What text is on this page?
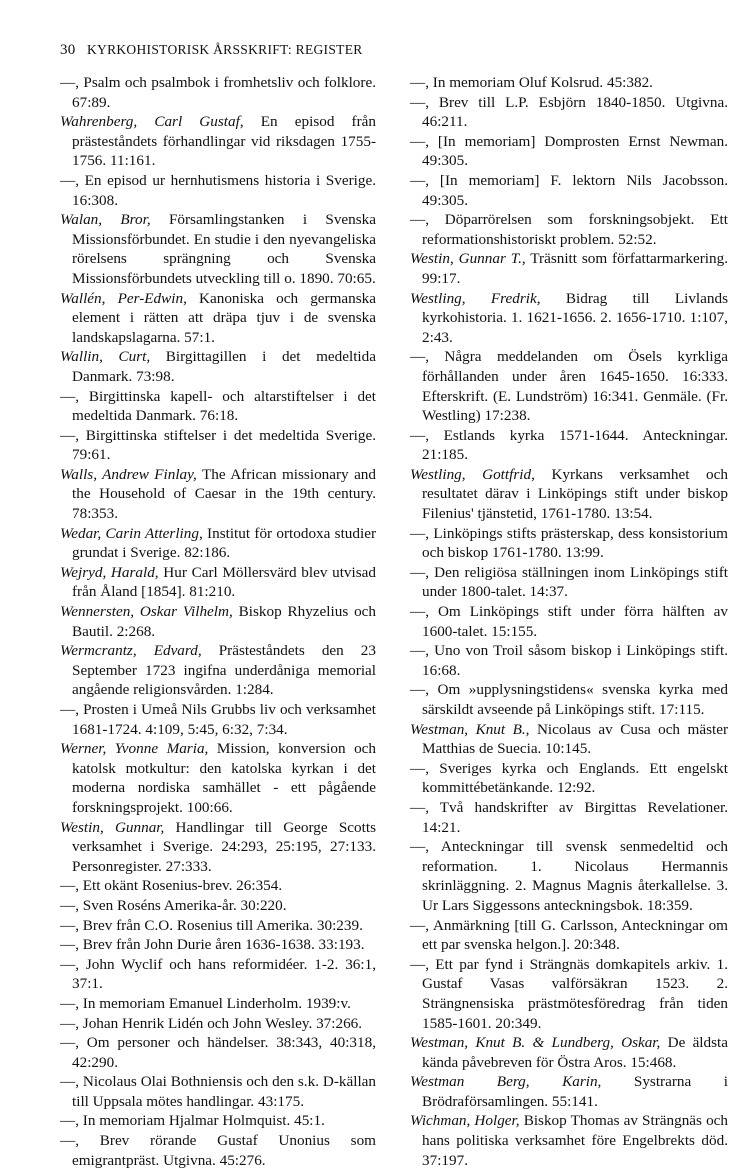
30 KYRKOHISTORISK ÅRSSKRIFT: REGISTER

—, Psalm och psalmbok i fromhetsliv och folklore. 67:89.

Wahrenberg, Carl Gustaf, En episod från prästeståndets förhandlingar vid riksdagen 1755-1756. 11:161.

—, En episod ur hernhutismens historia i Sverige. 16:308.

Walan, Bror, Församlingstanken i Svenska Missionsförbundet. En studie i den nyevangeliska rörelsens sprängning och Svenska Missionsförbundets utveckling till o. 1890. 70:65.

Wallén, Per-Edwin, Kanoniska och germanska element i rätten att dräpa tjuv i de svenska landskapslagarna. 57:1.

Wallin, Curt, Birgittagillen i det medeltida Danmark. 73:98.

—, Birgittinska kapell- och altarstiftelser i det medeltida Danmark. 76:18.

—, Birgittinska stiftelser i det medeltida Sverige. 79:61.

Walls, Andrew Finlay, The African missionary and the Household of Caesar in the 19th century. 78:353.

Wedar, Carin Atterling, Institut för ortodoxa studier grundat i Sverige. 82:186.

Wejryd, Harald, Hur Carl Möllersvärd blev utvisad från Åland [1854]. 81:210.

Wennersten, Oskar Vilhelm, Biskop Rhyzelius och Bautil. 2:268.

Wermcrantz, Edvard, Prästeståndets den 23 September 1723 ingifna underdåniga memorial angående religionsvården. 1:284.

—, Prosten i Umeå Nils Grubbs liv och verksamhet 1681-1724. 4:109, 5:45, 6:32, 7:34.

Werner, Yvonne Maria, Mission, konversion och katolsk motkultur: den katolska kyrkan i det moderna nordiska samhället - ett pågående forskningsprojekt. 100:66.

Westin, Gunnar, Handlingar till George Scotts verksamhet i Sverige. 24:293, 25:195, 27:133. Personregister. 27:333.

—, Ett okänt Rosenius-brev. 26:354.

—, Sven Roséns Amerika-år. 30:220.

—, Brev från C.O. Rosenius till Amerika. 30:239.

—, Brev från John Durie åren 1636-1638. 33:193.

—, John Wyclif och hans reformidéer. 1-2. 36:1, 37:1.

—, In memoriam Emanuel Linderholm. 1939:v.

—, Johan Henrik Lidén och John Wesley. 37:266.

—, Om personer och händelser. 38:343, 40:318, 42:290.

—, Nicolaus Olai Bothniensis och den s.k. D-källan till Uppsala mötes handlingar. 43:175.

—, In memoriam Hjalmar Holmquist. 45:1.

—, Brev rörande Gustaf Unonius som emigrantpräst. Utgivna. 45:276.

—, In memoriam Oluf Kolsrud. 45:382.

—, Brev till L.P. Esbjörn 1840-1850. Utgivna. 46:211.

—, [In memoriam] Domprosten Ernst Newman. 49:305.

—, [In memoriam] F. lektorn Nils Jacobsson. 49:305.

—, Döparrörelsen som forskningsobjekt. Ett reformationshistoriskt problem. 52:52.

Westin, Gunnar T., Träsnitt som författarmarkering. 99:17.

Westling, Fredrik, Bidrag till Livlands kyrkohistoria. 1. 1621-1656. 2. 1656-1710. 1:107, 2:43.

—, Några meddelanden om Ösels kyrkliga förhållanden under åren 1645-1650. 16:333. Efterskrift. (E. Lundström) 16:341. Genmäle. (Fr. Westling) 17:238.

—, Estlands kyrka 1571-1644. Anteckningar. 21:185.

Westling, Gottfrid, Kyrkans verksamhet och resultatet därav i Linköpings stift under biskop Filenius' tjänstetid, 1761-1780. 13:54.

—, Linköpings stifts prästerskap, dess konsistorium och biskop 1761-1780. 13:99.

—, Den religiösa ställningen inom Linköpings stift under 1800-talet. 14:37.

—, Om Linköpings stift under förra hälften av 1600-talet. 15:155.

—, Uno von Troil såsom biskop i Linköpings stift. 16:68.

—, Om »upplysningstidens« svenska kyrka med särskildt avseende på Linköpings stift. 17:115.

Westman, Knut B., Nicolaus av Cusa och mäster Matthias de Suecia. 10:145.

—, Sveriges kyrka och Englands. Ett engelskt kommittébetänkande. 12:92.

—, Två handskrifter av Birgittas Revelationer. 14:21.

—, Anteckningar till svensk senmedeltid och reformation. 1. Nicolaus Hermannis skrinläggning. 2. Magnus Magnis återkallelse. 3. Ur Lars Siggessons anteckningsbok. 18:359.

—, Anmärkning [till G. Carlsson, Anteckningar om ett par svenska helgon.]. 20:348.

—, Ett par fynd i Strängnäs domkapitels arkiv. 1. Gustaf Vasas valförsäkran 1523. 2. Strängnensiska prästmötesföredrag från tiden 1585-1601. 20:349.

Westman, Knut B. & Lundberg, Oskar, De äldsta kända påvebreven för Östra Aros. 15:468.

Westman Berg, Karin, Systrarna i Brödraförsamlingen. 55:141.

Wichman, Holger, Biskop Thomas av Strängnäs och hans politiska verksamhet före Engelbrekts död. 37:197.
